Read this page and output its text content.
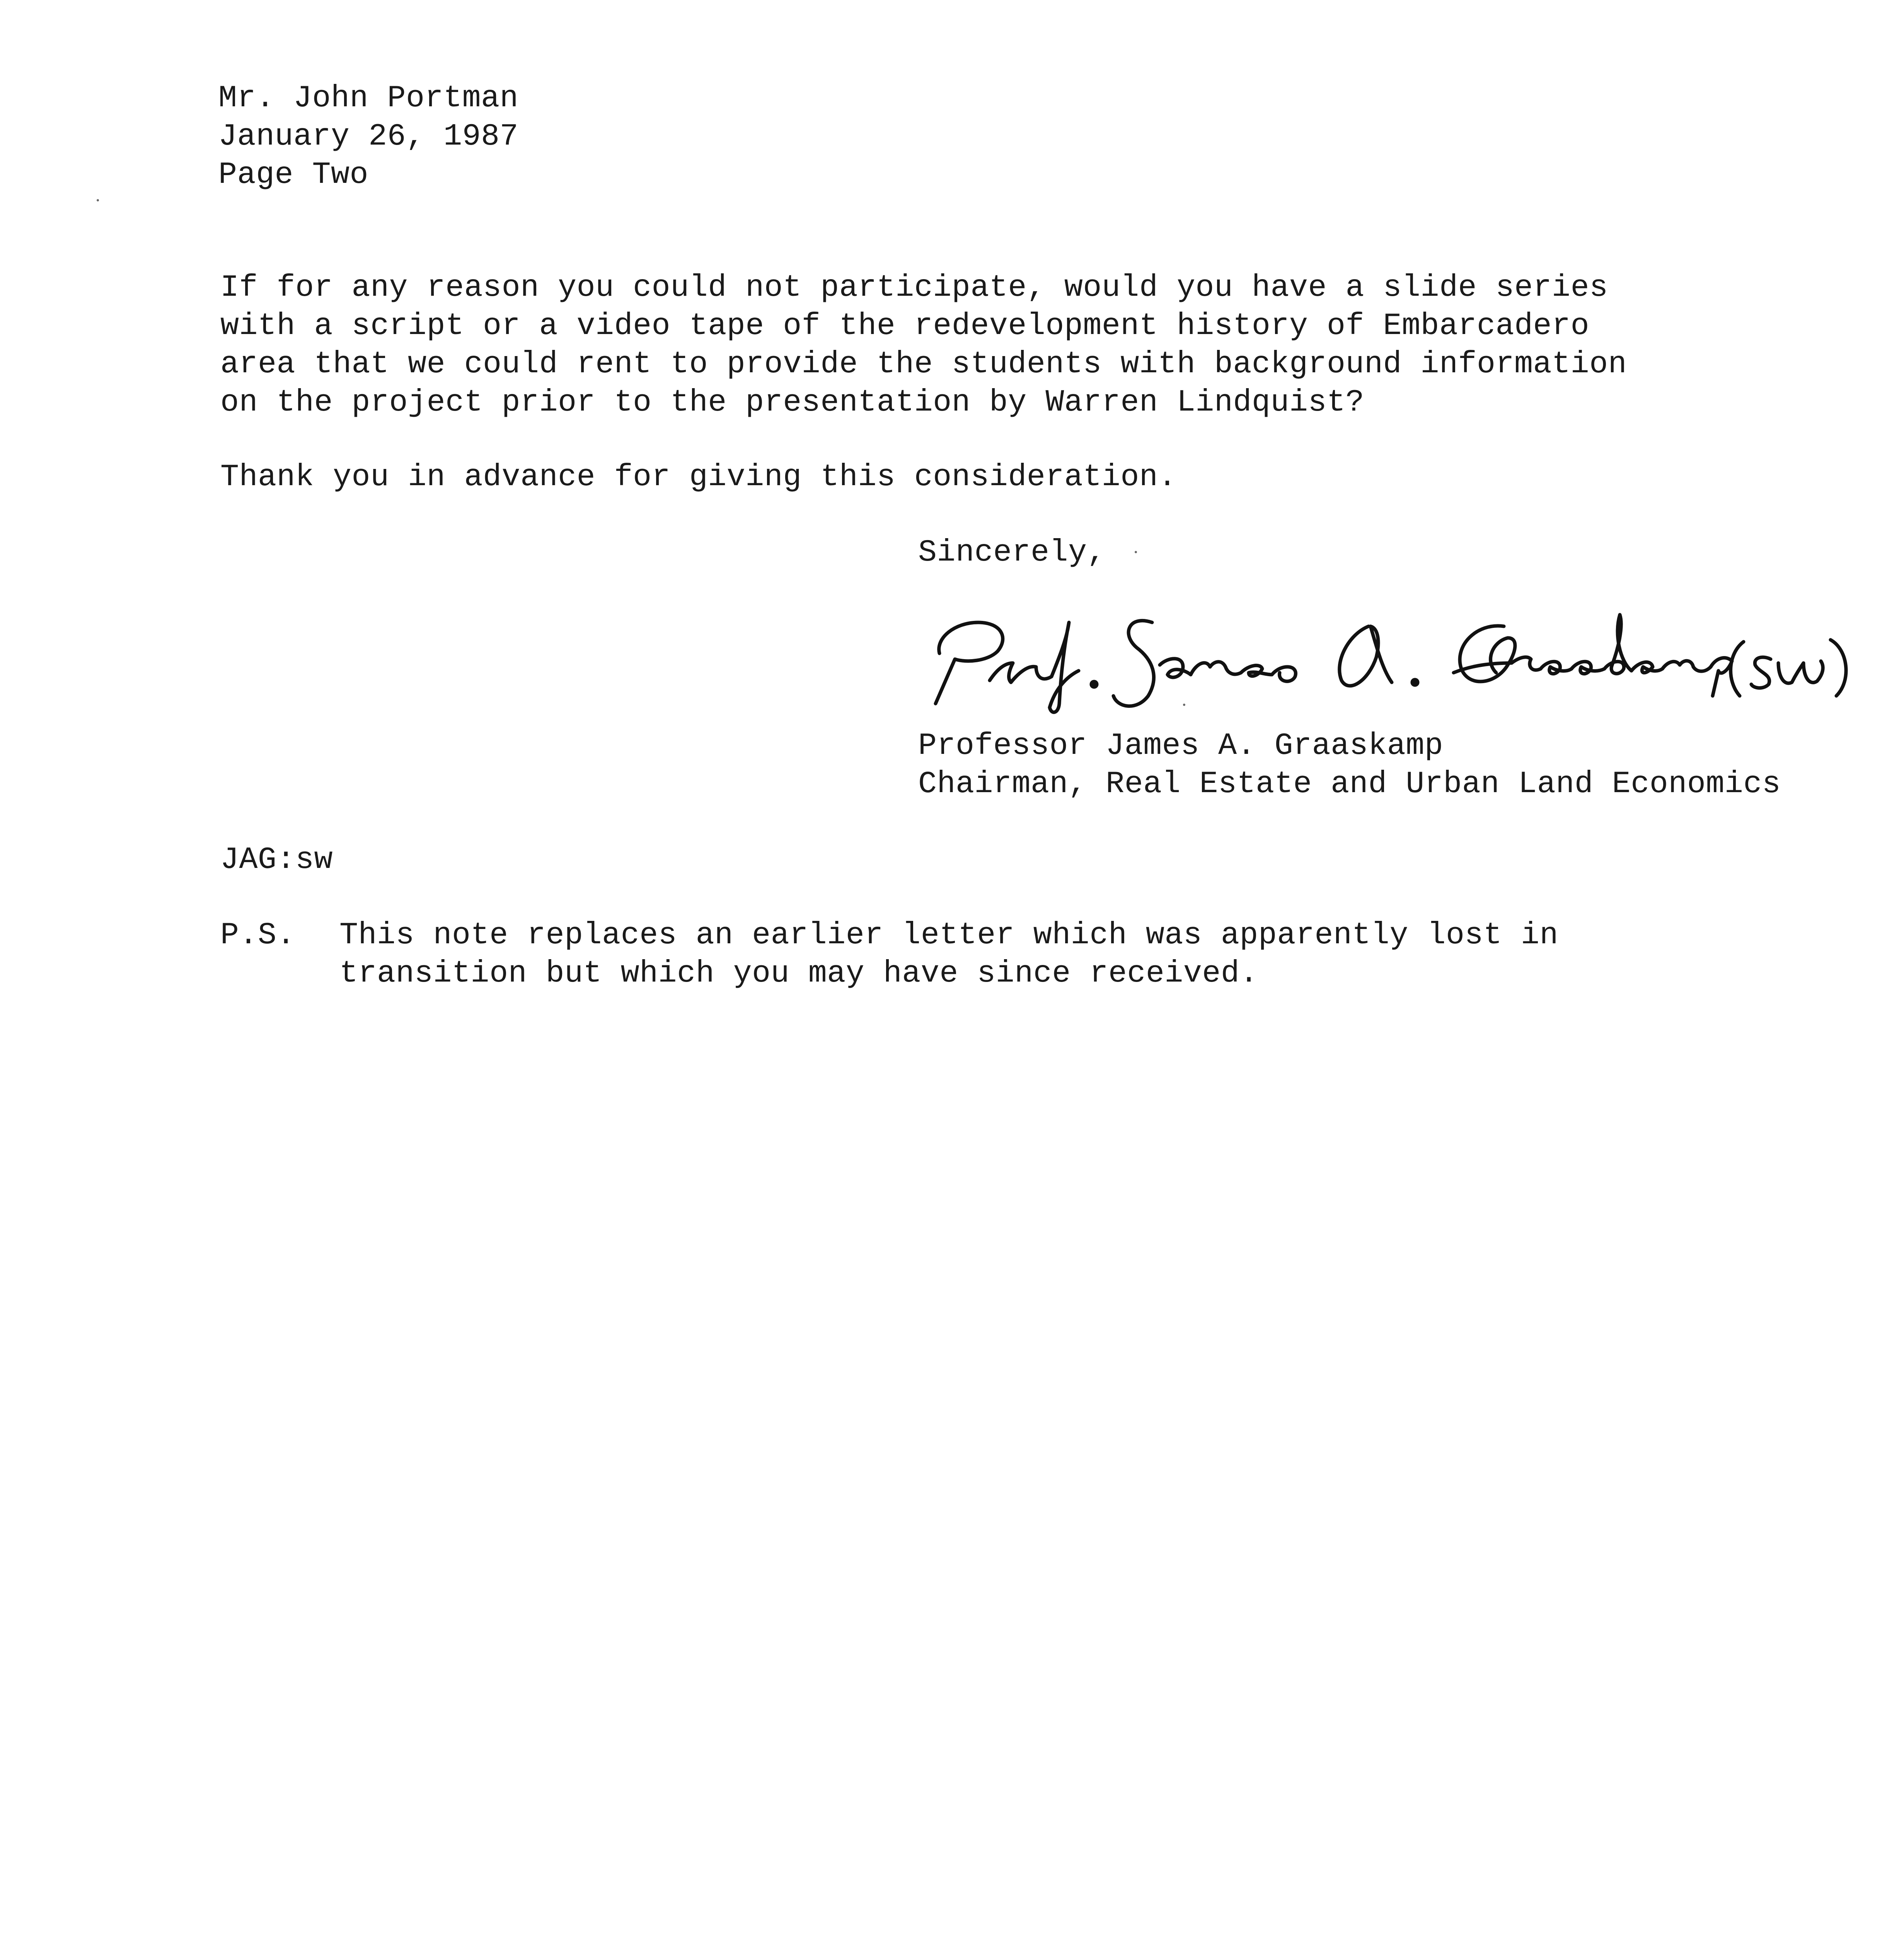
Mr. John Portman
January 26, 1987
Page Two
If for any reason you could not participate, would you have a slide series
with a script or a video tape of the redevelopment history of Embarcadero
area that we could rent to provide the students with background information
on the project prior to the presentation by Warren Lindquist?
Thank you in advance for giving this consideration.
Sincerely,
Professor James A. Graaskamp
Chairman, Real Estate and Urban Land Economics
JAG:sw
P.S. This note replaces an earlier letter which was apparently lost in
transition but which you may have since received.
